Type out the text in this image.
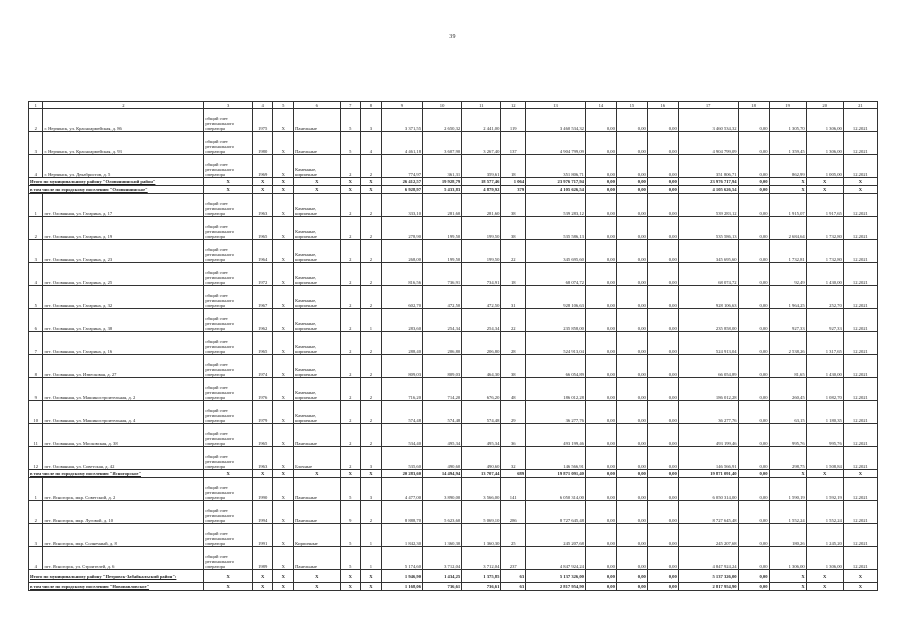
39
1	2	3	4	5	6	7	8	9	10	11	12	13	14	15	16	17	18	19	20	21
2	г. Нерчинск, ул. Красноармейская, д. 86	общий счет регионального оператора	1975	X	Панельные	5	3	3 371,55	2 650,32	2 441,00	119	3 460 534,32	0,00	0,00	0,00	3 460 534,32	0,00	1 305,70	1 306,00	12.2021
3	г. Нерчинск, ул. Красноармейская, д. 93	общий счет регионального оператора	1980	X	Панельные	5	4	4 461,18	3 607,90	3 267,40	137	4 904 799,09	0,00	0,00	0,00	4 904 799,09	0,00	1 359,45	1 306,00	12.2021
4	г. Нерчинск, ул. Декабристов, д. 5	общий счет регионального оператора	1969	X	Каменные, кирпичные	2	2	774,97	361,31	359,61	18	351 806,71	0,00	0,00	0,00	351 806,71	0,00	862,99	1 005,00	12.2021
Итого по муниципальному району "Оловяннинский район"		X	X	X	X	X	X	26 412,57	19 928,79	18 577,46	1 064	23 976 717,94	0,00	0,00	0,00	23 976 717,94	0,00	X	X	X
в том числе по городскому поселению "Оловяннинское"		X	X	X	X	X	X	6 928,97	5 433,83	4 879,92	379	4 105 626,54	0,00	0,00	0,00	4 105 626,54	0,00	X	X	X
1	пгт. Оловянная, ул. Гагарина, д. 17	общий счет регионального оператора	1963	X	Каменные, кирпичные	2	2	333,10	281,60	281,60	38	539 283,12	0,00	0,00	0,00	539 283,12	0,00	1 915,07	1 917,65	12.2021
2	пгт. Оловянная, ул. Гагарина, д. 19	общий счет регионального оператора	1965	X	Каменные, кирпичные	2	2	278,90	199,50	199,50	38	535 586,13	0,00	0,00	0,00	535 586,13	0,00	2 684,64	1 732,80	12.2021
3	пгт. Оловянная, ул. Гагарина, д. 23	общий счет регионального оператора	1964	X	Каменные, кирпичные	2	2	268,00	199,50	199,50	22	345 695,60	0,00	0,00	0,00	345 695,60	0,00	1 732,81	1 732,80	12.2021
4	пгт. Оловянная, ул. Гагарина, д. 25	общий счет регионального оператора	1972	X	Каменные, кирпичные	2	2	816,56	736,91	734,91	18	68 074,72	0,00	0,00	0,00	68 074,72	0,00	92,49	1 430,00	12.2021
5	пгт. Оловянная, ул. Гагарина, д. 32	общий счет регионального оператора	1967	X	Каменные, кирпичные	2	2	602,70	472,50	472,50	31	928 106,63	0,00	0,00	0,00	928 106,63	0,00	1 964,25	252,70	12.2021
6	пгт. Оловянная, ул. Гагарина, д. 38	общий счет регионального оператора	1962	X	Каменные, кирпичные	2	1	283,60	254,34	254,34	22	235 858,00	0,00	0,00	0,00	235 858,00	0,00	927,33	927,33	12.2021
7	пгт. Оловянная, ул. Гагарина, д. 16	общий счет регионального оператора	1965	X	Каменные, кирпичные	2	2	288,40	206,80	206,80	28	524 913,04	0,00	0,00	0,00	524 913,04	0,00	2 538,26	1 317,65	12.2021
8	пгт. Оловянная, ул. Извесковая, д. 27	общий счет регионального оператора	1974	X	Каменные, кирпичные	2	2	809,03	809,03	464,30	38	66 054,89	0,00	0,00	0,00	66 054,89	0,00	81,65	1 430,00	12.2021
9	пгт. Оловянная, ул. Машиностроительная, д. 2	общий счет регионального оператора	1976	X	Каменные, кирпичные	2	2	716,20	714,20	676,20	48	186 012,28	0,00	0,00	0,00	186 012,28	0,00	260,45	1 082,70	12.2021
10	пгт. Оловянная, ул. Машиностроительная, д. 4	общий счет регионального оператора	1979	X	Каменные, кирпичные	2	2	574,48	574,48	574,48	29	36 277,76	0,00	0,00	0,00	36 277,76	0,00	63,15	1 180,35	12.2021
11	пгт. Оловянная, ул. Московская, д. 38	общий счет регионального оператора	1965	X	Панельные	2	2	534,40	495,34	495,34	36	493 199,46	0,00	0,00	0,00	493 199,46	0,00	995,76	995,76	12.2021
12	пгт. Оловянная, ул. Советская, д. 42	общий счет регионального оператора	1963	X	Блочные	2	3	535,60	490,60	490,60	32	146 566,91	0,00	0,00	0,00	146 566,91	0,00	298,75	1 508,84	12.2021
в том числе по городскому поселению "Ясногорское"		X	X	X	X	X	X	20 283,60	14 494,94	13 707,44	689	19 871 091,40	0,00	0,00	0,00	19 871 091,40	0,00	X	X	X
1	пгт. Ясногорск, мкр. Советский, д. 2	общий счет регионального оператора	1990	X	Панельные	5	3	4 477,00	3 890,00	3 566,00	141	6 050 314,00	0,00	0,00	0,00	6 050 314,00	0,00	1 590,19	1 592,19	12.2021
2	пгт. Ясногорск, мкр. Луговой, д. 10	общий счет регионального оператора	1994	X	Панельные	9	2	8 888,70	5 623,60	5 069,10	286	8 727 645,48	0,00	0,00	0,00	8 727 645,48	0,00	1 552,24	1 552,24	12.2021
3	пгт. Ясногорск, мкр. Солнечный, д. 8	общий счет регионального оператора	1991	X	Кирпичные	5	1	1 842,30	1 360,30	1 360,30	25	245 207,68	0,00	0,00	0,00	245 207,68	0,00	180,26	1 245,20	12.2021
4	пгт. Ясногорск, ул. Строителей, д. 6	общий счет регионального оператора	1989	X	Панельные	5	1	5 174,60	3 712,04	3 712,04	237	4 847 924,24	0,00	0,00	0,00	4 847 924,24	0,00	1 306,00	1 306,00	12.2021
Итого по муниципальному району "Петровск-Забайкальский район":		X	X	X	X	X	X	1 946,90	1 434,25	1 375,85	63	5 137 326,00	0,00	0,00	0,00	5 137 326,00	0,00	X	X	X
в том числе по городскому поселению "Новопавловское"		X	X	X	X	X	X	1 168,06	736,61	736,61	63	2 817 954,90	0,00	0,00	0,00	2 817 954,90	0,00	X	X	X
